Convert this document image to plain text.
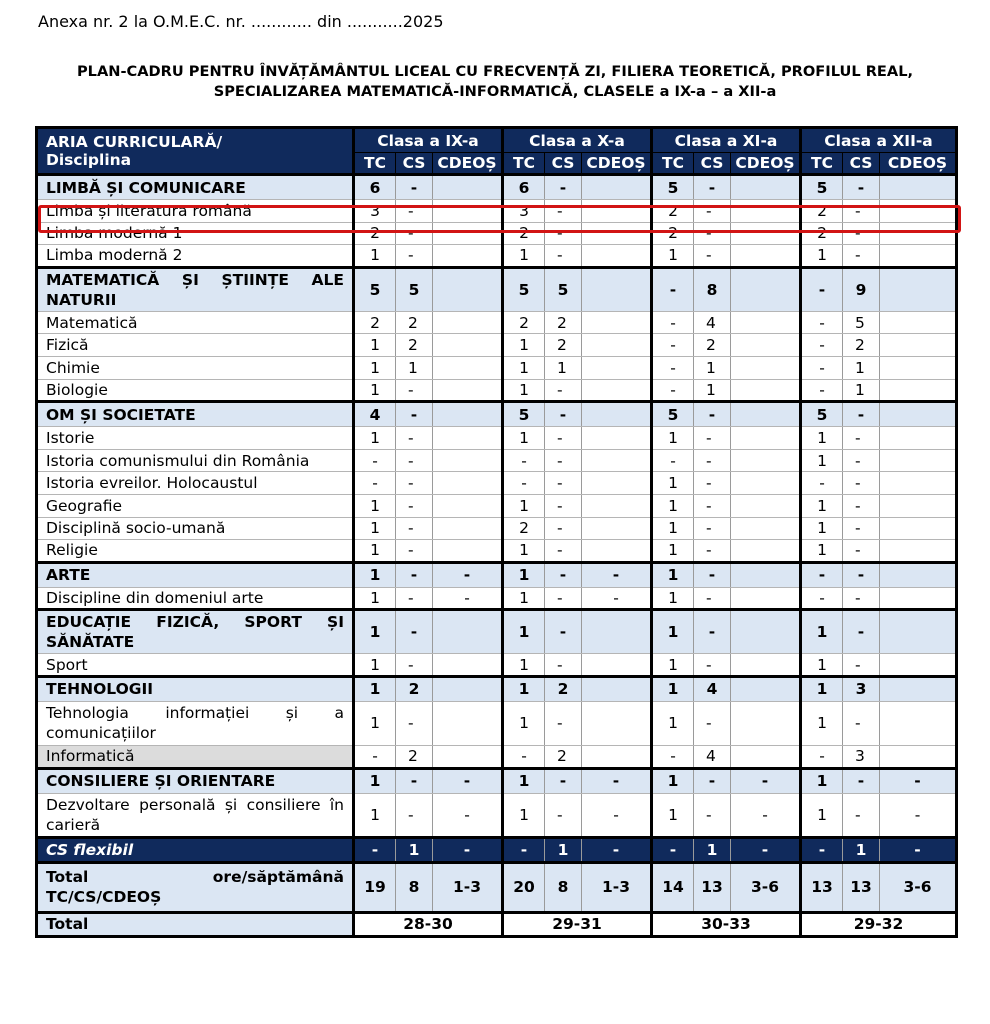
Anexa nr. 2 la O.M.E.C. nr. ............ din ...........2025
PLAN-CADRU PENTRU ÎNVĂȚĂMÂNTUL LICEAL CU FRECVENȚĂ ZI, FILIERA TEORETICĂ, PROFILUL REAL,
SPECIALIZAREA MATEMATICĂ-INFORMATICĂ, CLASELE a IX-a – a XII-a
ARIA CURRICULARĂ/
Disciplina	Clasa a IX-a			Clasa a X-a			Clasa a XI-a			Clasa a XII-a		
	TC	CS	CDEOȘ	TC	CS	CDEOȘ	TC	CS	CDEOȘ	TC	CS	CDEOȘ
LIMBĂ ȘI COMUNICARE	6	-		6	-		5	-		5	-	
Limba și literatura română	3	-		3	-		2	-		2	-	
Limba modernă 1	2	-		2	-		2	-		2	-	
Limba modernă 2	1	-		1	-		1	-		1	-	
MATEMATICĂ ȘI ȘTIINȚE ALE NATURII	5	5		5	5		-	8		-	9	
Matematică	2	2		2	2		-	4		-	5	
Fizică	1	2		1	2		-	2		-	2	
Chimie	1	1		1	1		-	1		-	1	
Biologie	1	-		1	-		-	1		-	1	
OM ȘI SOCIETATE	4	-		5	-		5	-		5	-	
Istorie	1	-		1	-		1	-		1	-	
Istoria comunismului din România	-	-		-	-		-	-		1	-	
Istoria evreilor. Holocaustul	-	-		-	-		1	-		-	-	
Geografie	1	-		1	-		1	-		1	-	
Disciplină socio-umană	1	-		2	-		1	-		1	-	
Religie	1	-		1	-		1	-		1	-	
ARTE	1	-	-	1	-	-	1	-		-	-	
Discipline din domeniul arte	1	-	-	1	-	-	1	-		-	-	
EDUCAȚIE FIZICĂ, SPORT ȘI SĂNĂTATE	1	-		1	-		1	-		1	-	
Sport	1	-		1	-		1	-		1	-	
TEHNOLOGII	1	2		1	2		1	4		1	3	
Tehnologia informației și a comunicațiilor	1	-		1	-		1	-		1	-	
Informatică	-	2		-	2		-	4		-	3	
CONSILIERE ȘI ORIENTARE	1	-	-	1	-	-	1	-	-	1	-	-
Dezvoltare personală și consiliere în carieră	1	-	-	1	-	-	1	-	-	1	-	-
CS flexibil	-	1	-	-	1	-	-	1	-	-	1	-
Total ore/săptămână TC/CS/CDEOȘ	19	8	1-3	20	8	1-3	14	13	3-6	13	13	3-6
Total	28-30			29-31			30-33			29-32		
